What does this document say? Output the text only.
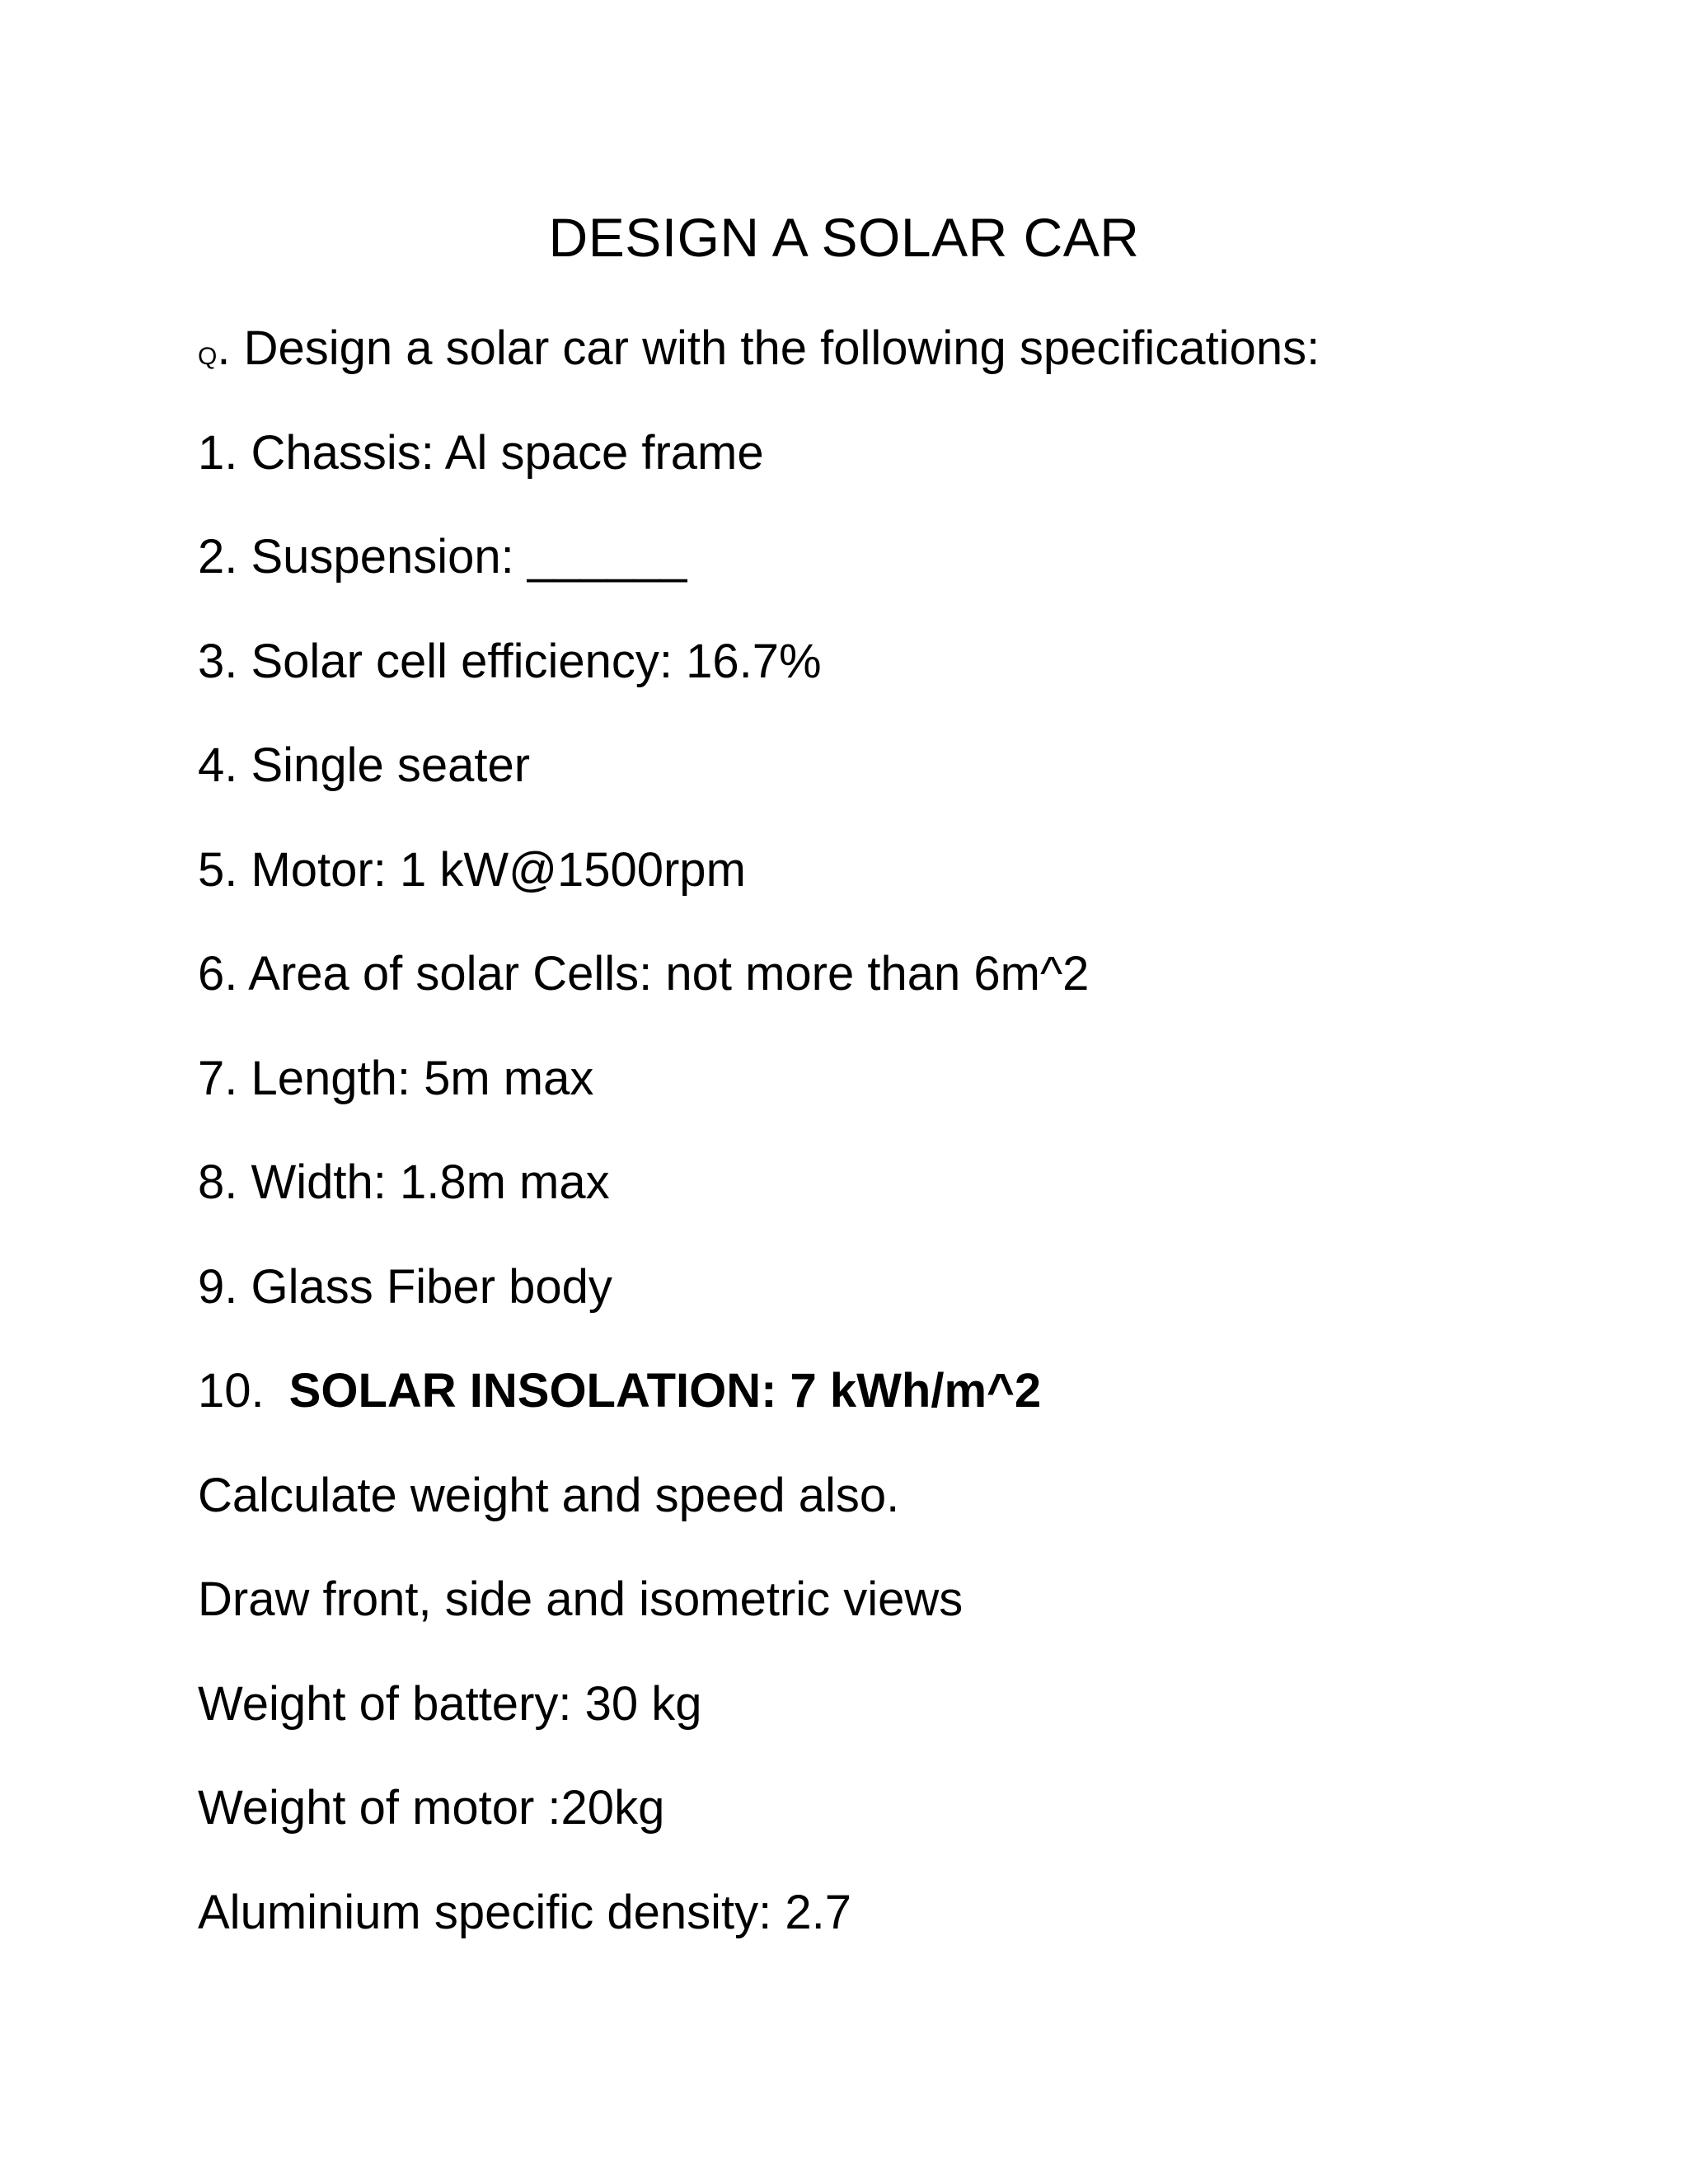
DESIGN A SOLAR CAR
Q. Design a solar car with the following specifications:
1. Chassis: Al space frame
2. Suspension: ______
3. Solar cell efficiency: 16.7%
4. Single seater
5. Motor: 1 kW@1500rpm
6. Area of solar Cells: not more than 6m^2
7. Length: 5m max
8. Width: 1.8m max
9. Glass Fiber body
10. SOLAR INSOLATION: 7 kWh/m^2
Calculate weight and speed also.
Draw front, side and isometric views
Weight of battery: 30 kg
Weight of motor :20kg
Aluminium specific density: 2.7
